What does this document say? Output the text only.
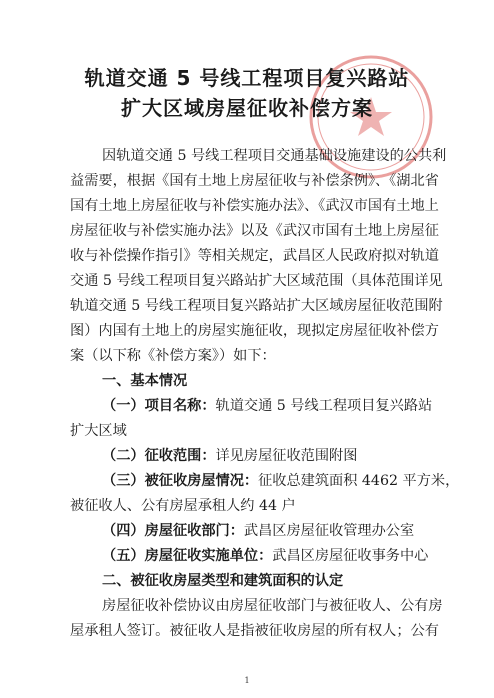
轨道交通 5 号线工程项目复兴路站
扩大区域房屋征收补偿方案
因轨道交通 5 号线工程项目交通基础设施建设的公共利
益需要，根据《国有土地上房屋征收与补偿条例》、《湖北省
国有土地上房屋征收与补偿实施办法》、《武汉市国有土地上
房屋征收与补偿实施办法》以及《武汉市国有土地上房屋征
收与补偿操作指引》等相关规定，武昌区人民政府拟对轨道
交通 5 号线工程项目复兴路站扩大区域范围（具体范围详见
轨道交通 5 号线工程项目复兴路站扩大区域房屋征收范围附
图）内国有土地上的房屋实施征收，现拟定房屋征收补偿方
案（以下称《补偿方案》）如下：
一、基本情况
（一）项目名称：轨道交通 5 号线工程项目复兴路站
扩大区域
（二）征收范围：详见房屋征收范围附图
（三）被征收房屋情况：征收总建筑面积 4462 平方米，
被征收人、公有房屋承租人约 44 户
（四）房屋征收部门：武昌区房屋征收管理办公室
（五）房屋征收实施单位：武昌区房屋征收事务中心
二、被征收房屋类型和建筑面积的认定
房屋征收补偿协议由房屋征收部门与被征收人、公有房
屋承租人签订。被征收人是指被征收房屋的所有权人；公有
1
